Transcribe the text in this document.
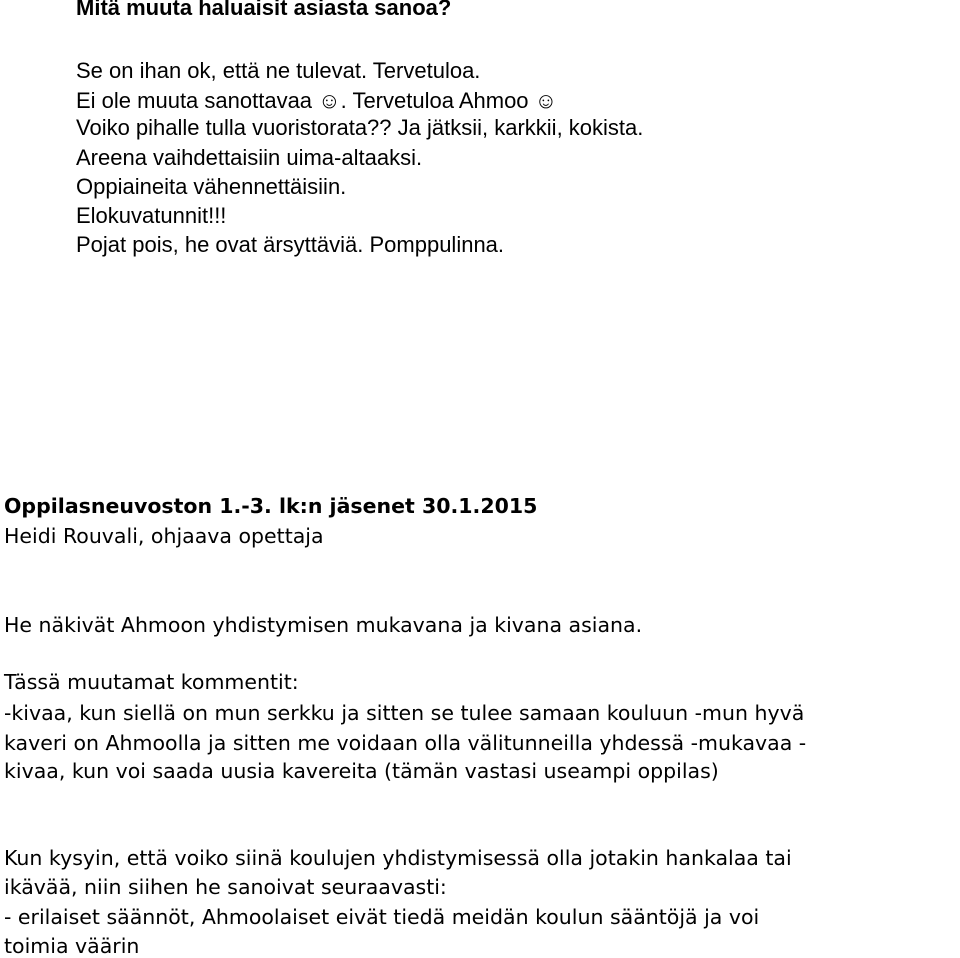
Mitä muuta haluaisit asiasta sanoa?
Se on ihan ok, että ne tulevat. Tervetuloa.
Ei ole muuta sanottavaa ☺. Tervetuloa Ahmoo ☺
Voiko pihalle tulla vuoristorata?? Ja jätksii, karkkii, kokista.
Areena vaihdettaisiin uima-altaaksi.
Oppiaineita vähennettäisiin.
Elokuvatunnit!!!
Pojat pois, he ovat ärsyttäviä. Pomppulinna.
Oppilasneuvoston 1.-3. lk:n jäsenet 30.1.2015
Heidi Rouvali, ohjaava opettaja
He näkivät Ahmoon yhdistymisen mukavana ja kivana asiana.
Tässä muutamat kommentit:
-kivaa, kun siellä on mun serkku ja sitten se tulee samaan kouluun -mun hyvä
kaveri on Ahmoolla ja sitten me voidaan olla välitunneilla yhdessä -mukavaa -
kivaa, kun voi saada uusia kavereita (tämän vastasi useampi oppilas)
Kun kysyin, että voiko siinä koulujen yhdistymisessä olla jotakin hankalaa tai
ikävää, niin siihen he sanoivat seuraavasti:
- erilaiset säännöt, Ahmoolaiset eivät tiedä meidän koulun sääntöjä ja voi
toimia väärin
